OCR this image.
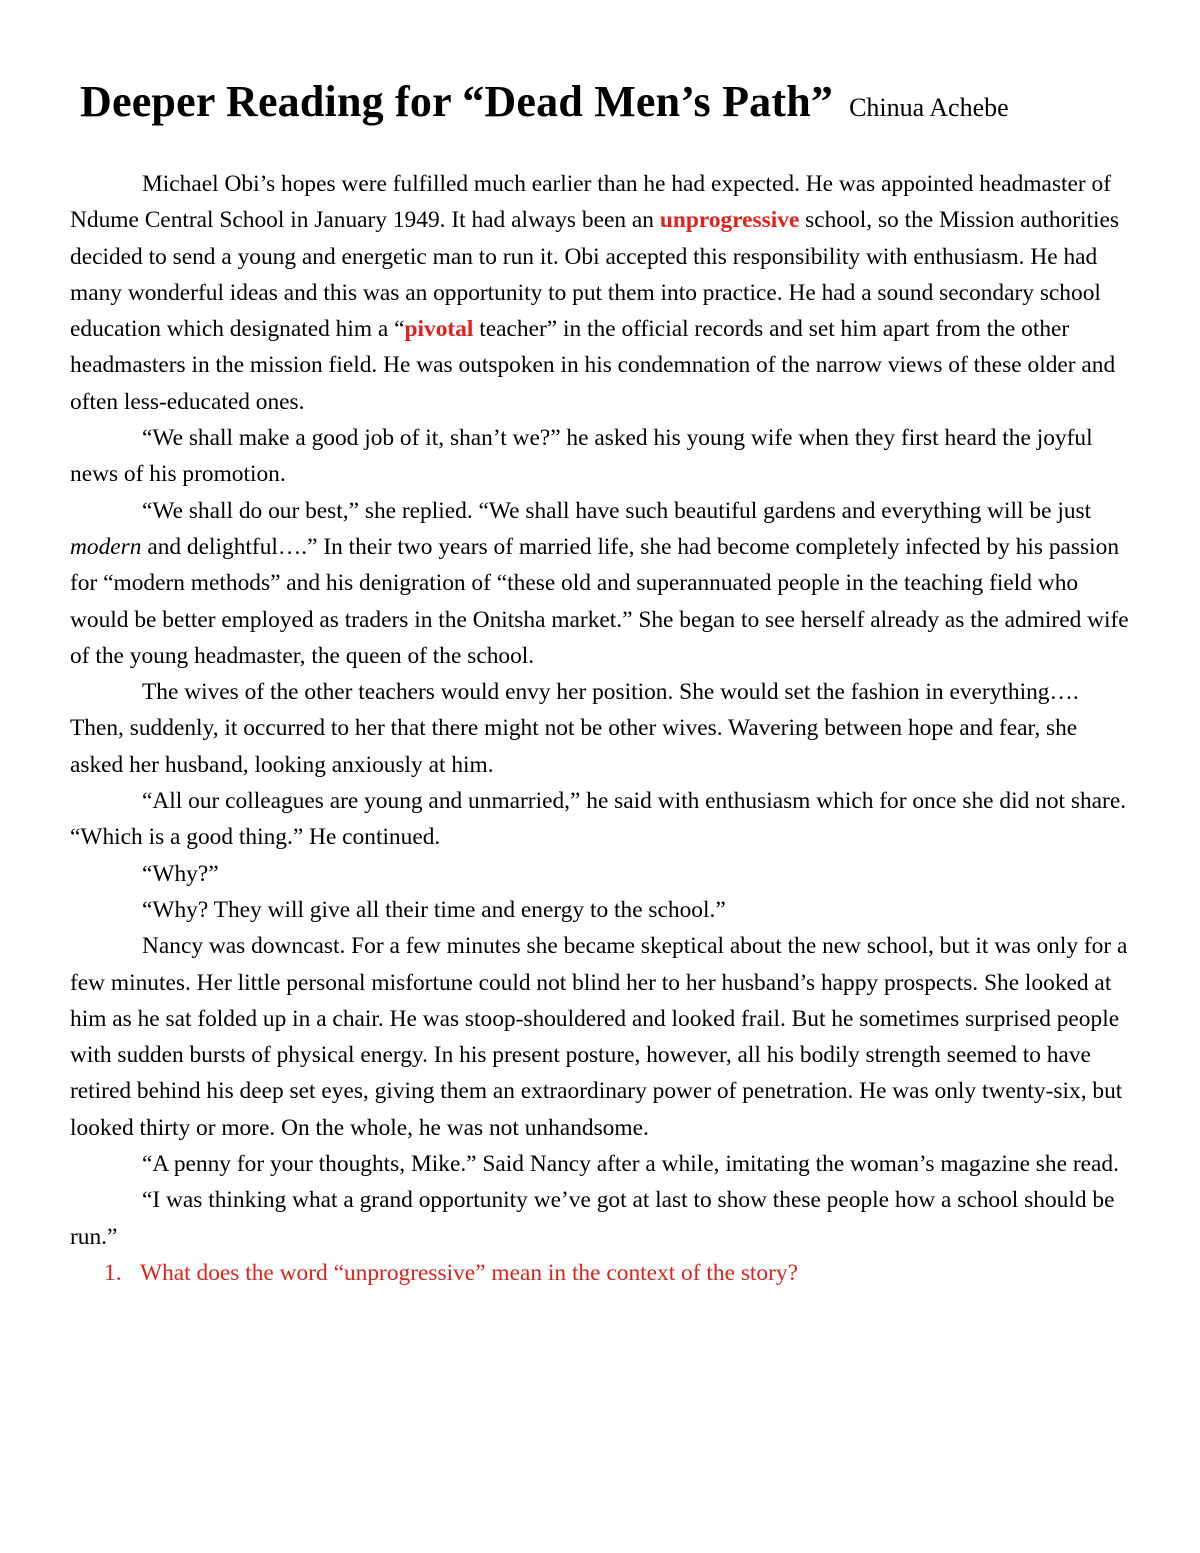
Deeper Reading for “Dead Men’s Path” Chinua Achebe

Michael Obi’s hopes were fulfilled much earlier than he had expected. He was appointed headmaster of Ndume Central School in January 1949. It had always been an unprogressive school, so the Mission authorities decided to send a young and energetic man to run it. Obi accepted this responsibility with enthusiasm. He had many wonderful ideas and this was an opportunity to put them into practice. He had a sound secondary school education which designated him a “pivotal teacher” in the official records and set him apart from the other headmasters in the mission field. He was outspoken in his condemnation of the narrow views of these older and often less-educated ones.

“We shall make a good job of it, shan’t we?” he asked his young wife when they first heard the joyful news of his promotion.

“We shall do our best,” she replied. “We shall have such beautiful gardens and everything will be just modern and delightful….” In their two years of married life, she had become completely infected by his passion for “modern methods” and his denigration of “these old and superannuated people in the teaching field who would be better employed as traders in the Onitsha market.” She began to see herself already as the admired wife of the young headmaster, the queen of the school.

The wives of the other teachers would envy her position. She would set the fashion in everything…. Then, suddenly, it occurred to her that there might not be other wives. Wavering between hope and fear, she asked her husband, looking anxiously at him.

“All our colleagues are young and unmarried,” he said with enthusiasm which for once she did not share. “Which is a good thing.” He continued.

“Why?”

“Why? They will give all their time and energy to the school.”

Nancy was downcast. For a few minutes she became skeptical about the new school, but it was only for a few minutes. Her little personal misfortune could not blind her to her husband’s happy prospects. She looked at him as he sat folded up in a chair. He was stoop-shouldered and looked frail. But he sometimes surprised people with sudden bursts of physical energy. In his present posture, however, all his bodily strength seemed to have retired behind his deep set eyes, giving them an extraordinary power of penetration. He was only twenty-six, but looked thirty or more. On the whole, he was not unhandsome.

“A penny for your thoughts, Mike.” Said Nancy after a while, imitating the woman’s magazine she read.

“I was thinking what a grand opportunity we’ve got at last to show these people how a school should be run.”

1. What does the word “unprogressive” mean in the context of the story?
